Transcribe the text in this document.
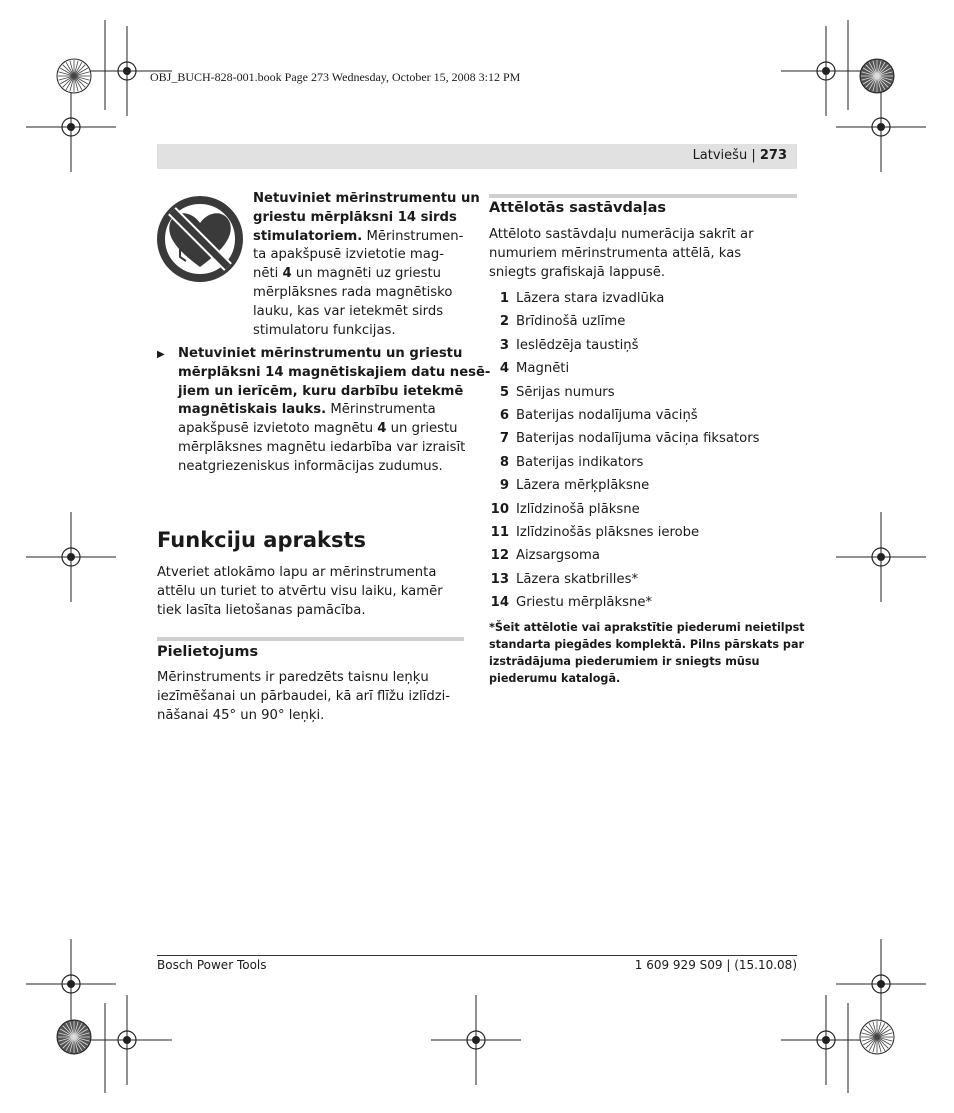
OBJ_BUCH-828-001.book Page 273 Wednesday, October 15, 2008 3:12 PM
Latviešu | 273
Netuviniet mērinstrumentu un
griestu mērplāksni 14 sirds
stimulatoriem. Mērinstrumen-
ta apakšpusē izvietotie mag-
nēti 4 un magnēti uz griestu
mērplāksnes rada magnētisko
lauku, kas var ietekmēt sirds
stimulatoru funkcijas.
▶ Netuviniet mērinstrumentu un griestu
mērplāksni 14 magnētiskajiem datu nesē-
jiem un ierīcēm, kuru darbību ietekmē
magnētiskais lauks. Mērinstrumenta
apakšpusē izvietoto magnētu 4 un griestu
mērplāksnes magnētu iedarbība var izraisīt
neatgriezeniskus informācijas zudumus.
Funkciju apraksts
Atveriet atlokāmo lapu ar mērinstrumenta
attēlu un turiet to atvērtu visu laiku, kamēr
tiek lasīta lietošanas pamācība.
Pielietojums
Mērinstruments ir paredzēts taisnu leņķu
iezīmēšanai un pārbaudei, kā arī flīžu izlīdzi-
nāšanai 45° un 90° leņķi.
Attēlotās sastāvdaļas
Attēloto sastāvdaļu numerācija sakrīt ar
numuriem mērinstrumenta attēlā, kas
sniegts grafiskajā lappusē.
1 Lāzera stara izvadlūka
2 Brīdinošā uzlīme
3 Ieslēdzēja taustiņš
4 Magnēti
5 Sērijas numurs
6 Baterijas nodalījuma vāciņš
7 Baterijas nodalījuma vāciņa fiksators
8 Baterijas indikators
9 Lāzera mērķplāksne
10 Izlīdzinošā plāksne
11 Izlīdzinošās plāksnes ierobe
12 Aizsargsoma
13 Lāzera skatbrilles*
14 Griestu mērplāksne*
*Šeit attēlotie vai aprakstītie piederumi neietilpst
standarta piegādes komplektā. Pilns pārskats par
izstrādājuma piederumiem ir sniegts mūsu
piederumu katalogā.
Bosch Power Tools	1 609 929 S09 | (15.10.08)
